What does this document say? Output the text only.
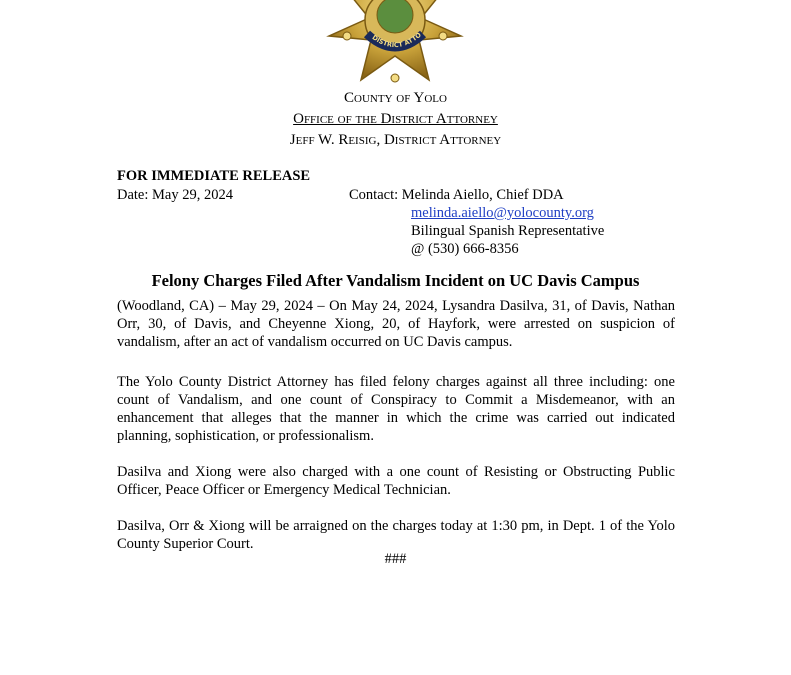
DISTRICT ATTO
County of Yolo
Office of the District Attorney
Jeff W. Reisig, District Attorney
FOR IMMEDIATE RELEASE
Date: May 29, 2024	Contact: Melinda Aiello, Chief DDA
melinda.aiello@yolocounty.org
Bilingual Spanish Representative
@ (530) 666-8356
Felony Charges Filed After Vandalism Incident on UC Davis Campus
(Woodland, CA) – May 29, 2024 – On May 24, 2024, Lysandra Dasilva, 31, of Davis, Nathan Orr, 30, of Davis, and Cheyenne Xiong, 20, of Hayfork, were arrested on suspicion of vandalism, after an act of vandalism occurred on UC Davis campus.
The Yolo County District Attorney has filed felony charges against all three including: one count of Vandalism, and one count of Conspiracy to Commit a Misdemeanor, with an enhancement that alleges that the manner in which the crime was carried out indicated planning, sophistication, or professionalism.
Dasilva and Xiong were also charged with a one count of Resisting or Obstructing Public Officer, Peace Officer or Emergency Medical Technician.
Dasilva, Orr & Xiong will be arraigned on the charges today at 1:30 pm, in Dept. 1 of the Yolo County Superior Court.
###
